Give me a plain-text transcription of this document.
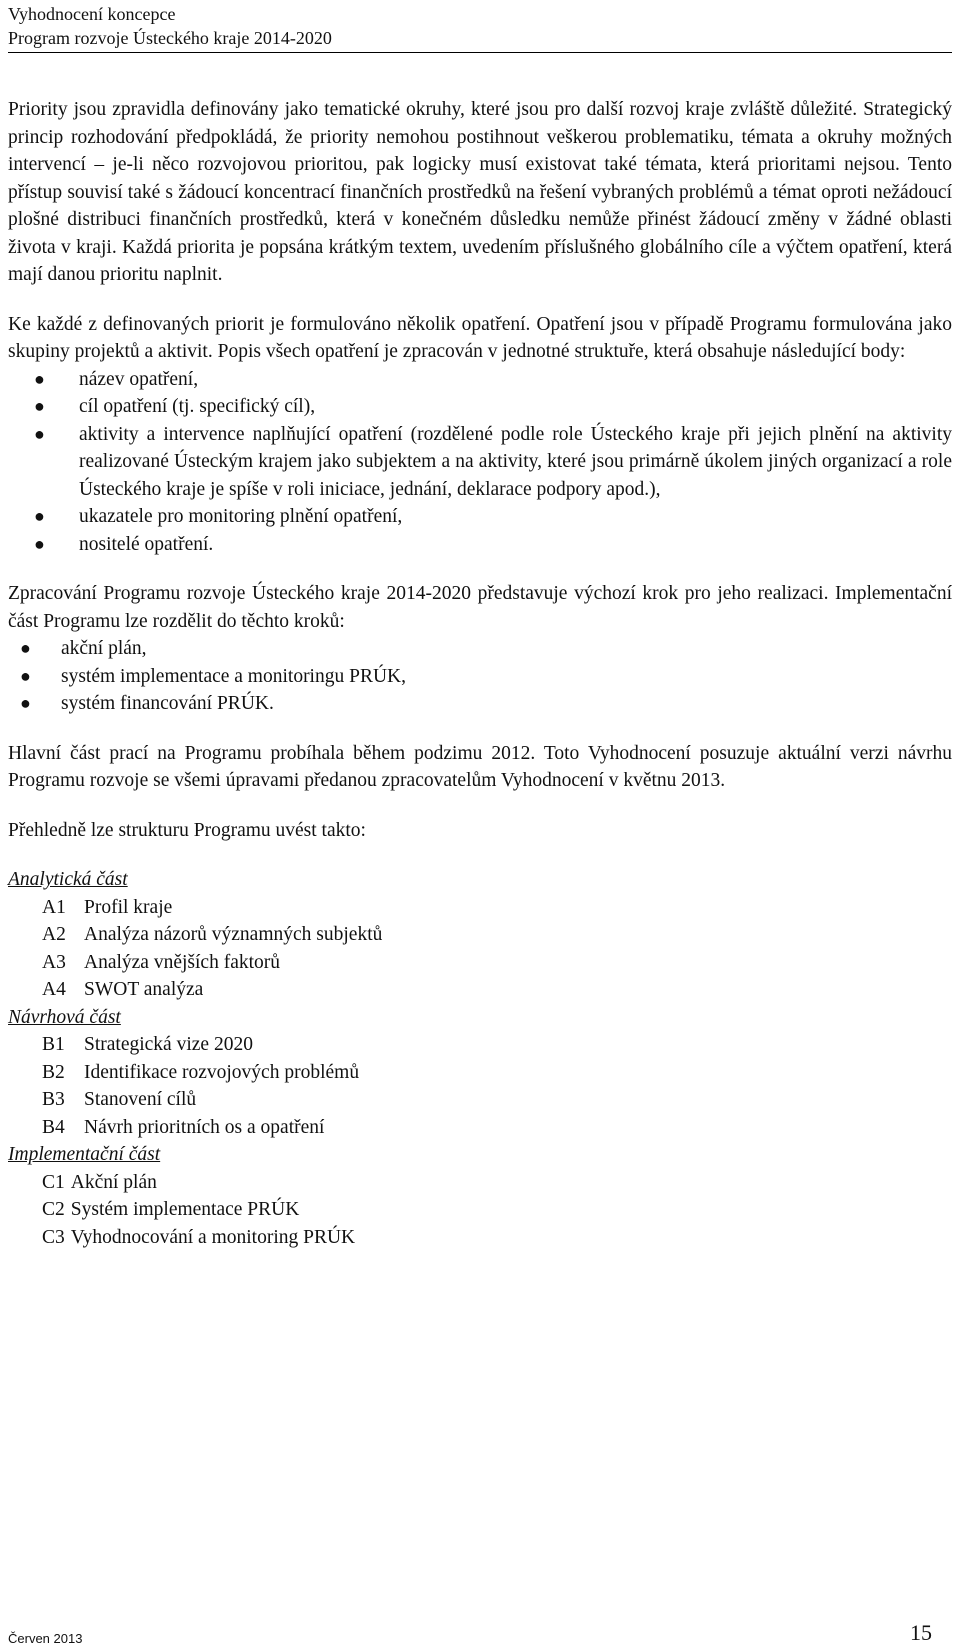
Vyhodnocení koncepce
Program rozvoje Ústeckého kraje 2014-2020

Priority jsou zpravidla definovány jako tematické okruhy, které jsou pro další rozvoj kraje zvláště důležité. Strategický princip rozhodování předpokládá, že priority nemohou postihnout veškerou problematiku, témata a okruhy možných intervencí – je-li něco rozvojovou prioritou, pak logicky musí existovat také témata, která prioritami nejsou. Tento přístup souvisí také s žádoucí koncentrací finančních prostředků na řešení vybraných problémů a témat oproti nežádoucí plošné distribuci finančních prostředků, která v konečném důsledku nemůže přinést žádoucí změny v žádné oblasti života v kraji. Každá priorita je popsána krátkým textem, uvedením příslušného globálního cíle a výčtem opatření, která mají danou prioritu naplnit.

Ke každé z definovaných priorit je formulováno několik opatření. Opatření jsou v případě Programu formulována jako skupiny projektů a aktivit. Popis všech opatření je zpracován v jednotné struktuře, která obsahuje následující body:

● název opatření,
● cíl opatření (tj. specifický cíl),
● aktivity a intervence naplňující opatření (rozdělené podle role Ústeckého kraje při jejich plnění na aktivity realizované Ústeckým krajem jako subjektem a na aktivity, které jsou primárně úkolem jiných organizací a role Ústeckého kraje je spíše v roli iniciace, jednání, deklarace podpory apod.),
● ukazatele pro monitoring plnění opatření,
● nositelé opatření.

Zpracování Programu rozvoje Ústeckého kraje 2014-2020 představuje výchozí krok pro jeho realizaci. Implementační část Programu lze rozdělit do těchto kroků:

● akční plán,
● systém implementace a monitoringu PRÚK,
● systém financování PRÚK.

Hlavní část prací na Programu probíhala během podzimu 2012. Toto Vyhodnocení posuzuje aktuální verzi návrhu Programu rozvoje se všemi úpravami předanou zpracovatelům Vyhodnocení v květnu 2013.

Přehledně lze strukturu Programu uvést takto:

Analytická část
A1 Profil kraje
A2 Analýza názorů významných subjektů
A3 Analýza vnějších faktorů
A4 SWOT analýza
Návrhová část
B1 Strategická vize 2020
B2 Identifikace rozvojových problémů
B3 Stanovení cílů
B4 Návrh prioritních os a opatření
Implementační část
C1 Akční plán
C2 Systém implementace PRÚK
C3 Vyhodnocování a monitoring PRÚK
Červen 2013	15
